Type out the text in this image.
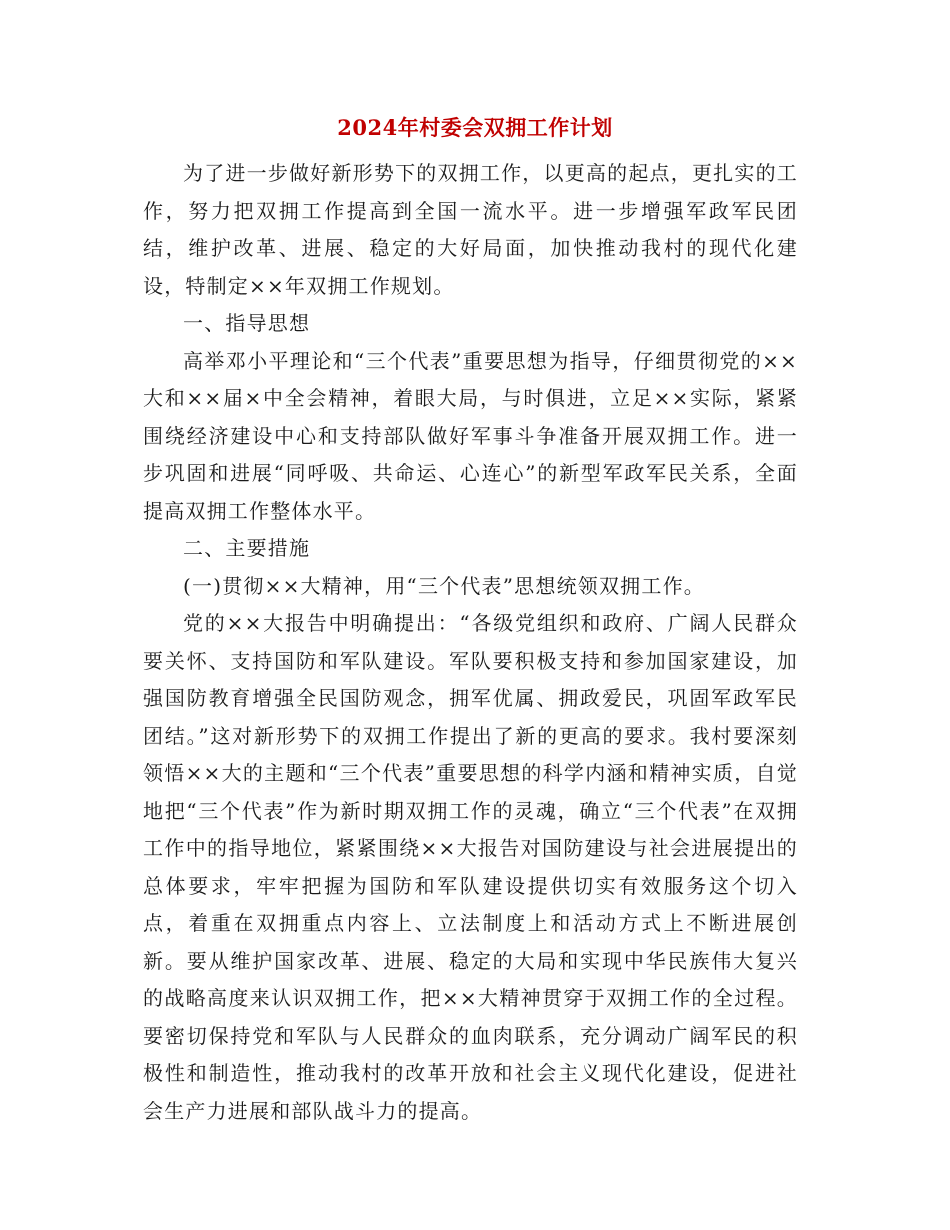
2024年村委会双拥工作计划

为了进一步做好新形势下的双拥工作，以更高的起点，更扎实的工作，努力把双拥工作提高到全国一流水平。进一步增强军政军民团结，维护改革、进展、稳定的大好局面，加快推动我村的现代化建设，特制定××年双拥工作规划。

一、指导思想

高举邓小平理论和“三个代表”重要思想为指导，仔细贯彻党的××大和××届×中全会精神，着眼大局，与时俱进，立足××实际，紧紧围绕经济建设中心和支持部队做好军事斗争准备开展双拥工作。进一步巩固和进展“同呼吸、共命运、心连心”的新型军政军民关系，全面提高双拥工作整体水平。

二、主要措施

(一)贯彻××大精神，用“三个代表”思想统领双拥工作。

党的××大报告中明确提出：“各级党组织和政府、广阔人民群众要关怀、支持国防和军队建设。军队要积极支持和参加国家建设，加强国防教育增强全民国防观念，拥军优属、拥政爱民，巩固军政军民团结。”这对新形势下的双拥工作提出了新的更高的要求。我村要深刻领悟××大的主题和“三个代表”重要思想的科学内涵和精神实质，自觉地把“三个代表”作为新时期双拥工作的灵魂，确立“三个代表”在双拥工作中的指导地位，紧紧围绕××大报告对国防建设与社会进展提出的总体要求，牢牢把握为国防和军队建设提供切实有效服务这个切入点，着重在双拥重点内容上、立法制度上和活动方式上不断进展创新。要从维护国家改革、进展、稳定的大局和实现中华民族伟大复兴的战略高度来认识双拥工作，把××大精神贯穿于双拥工作的全过程。要密切保持党和军队与人民群众的血肉联系，充分调动广阔军民的积极性和制造性，推动我村的改革开放和社会主义现代化建设，促进社会生产力进展和部队战斗力的提高。
